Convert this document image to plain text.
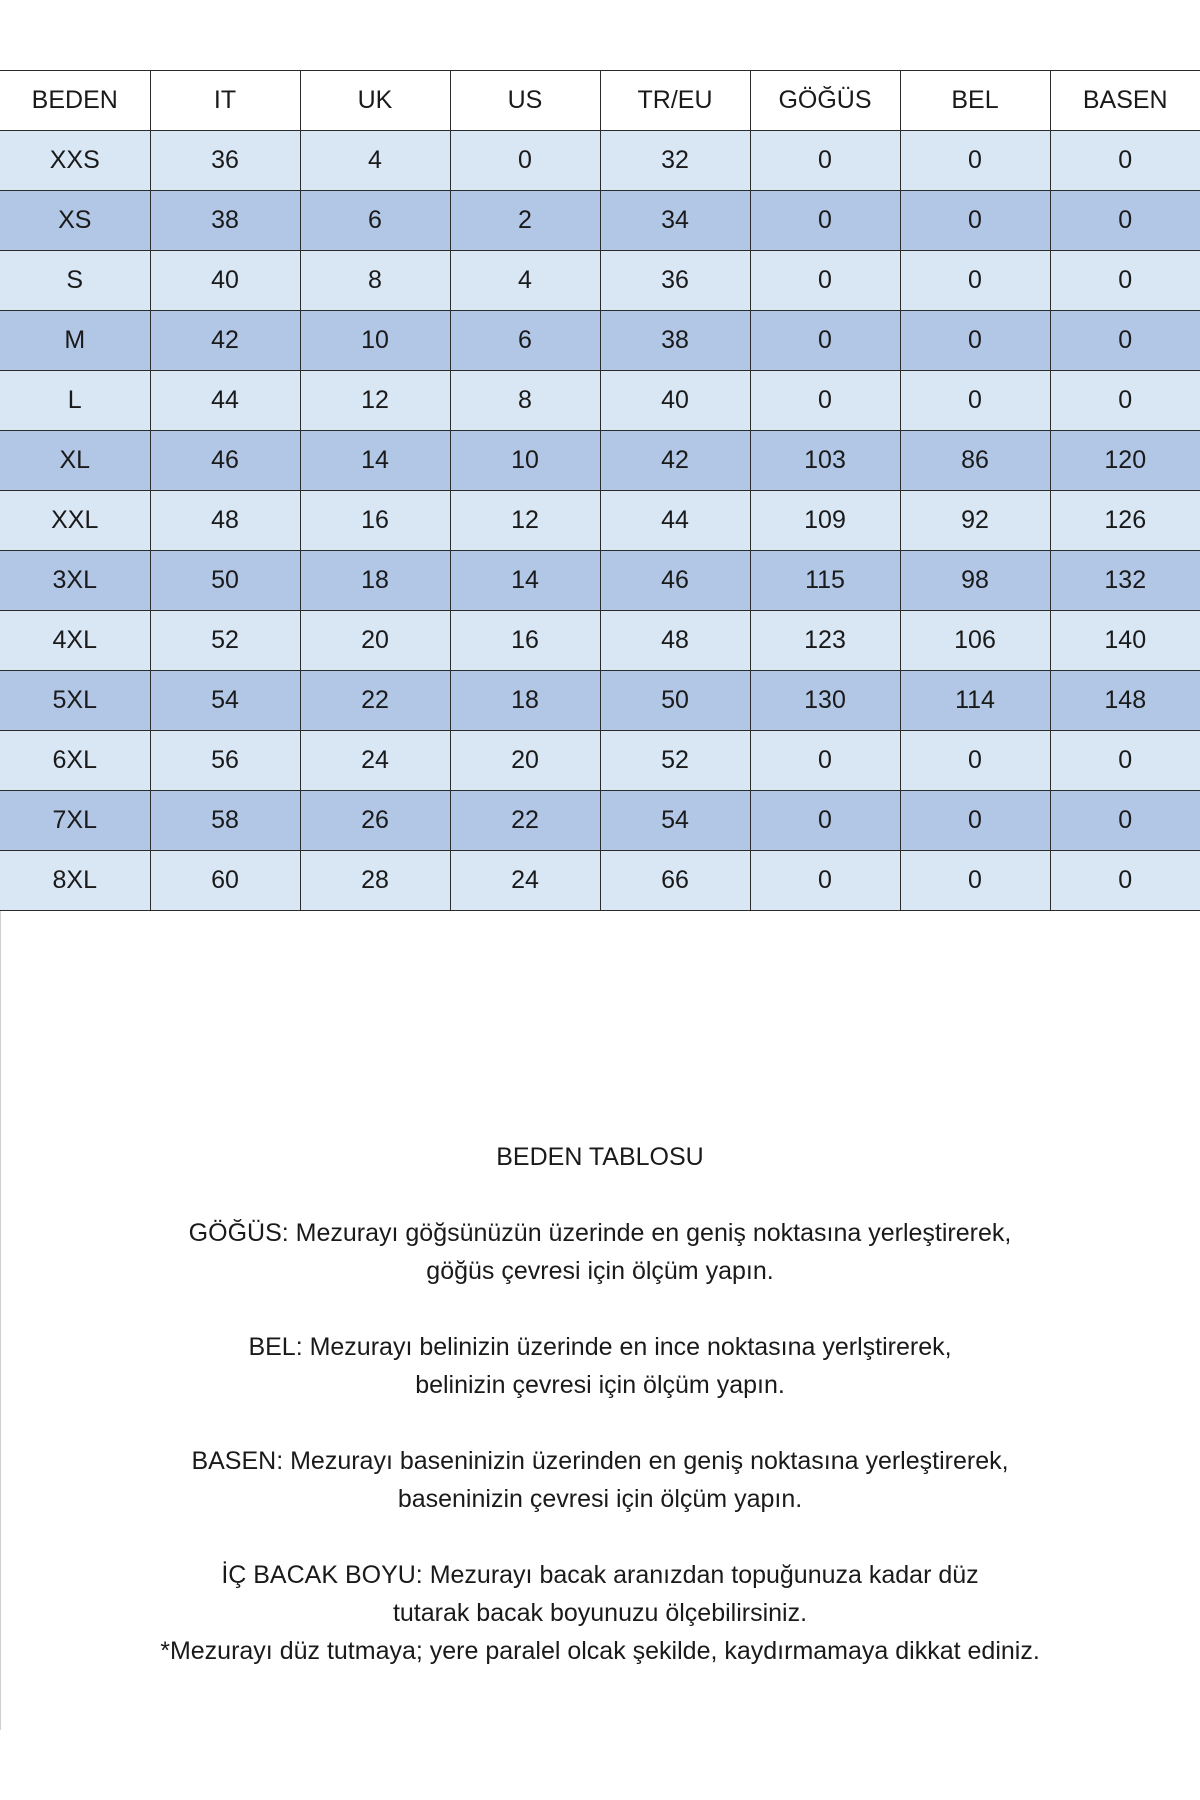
BEDEN	IT	UK	US	TR/EU	GÖĞÜS	BEL	BASEN
XXS	36	4	0	32	0	0	0
XS	38	6	2	34	0	0	0
S	40	8	4	36	0	0	0
M	42	10	6	38	0	0	0
L	44	12	8	40	0	0	0
XL	46	14	10	42	103	86	120
XXL	48	16	12	44	109	92	126
3XL	50	18	14	46	115	98	132
4XL	52	20	16	48	123	106	140
5XL	54	22	18	50	130	114	148
6XL	56	24	20	52	0	0	0
7XL	58	26	22	54	0	0	0
8XL	60	28	24	66	0	0	0
BEDEN TABLOSU
GÖĞÜS: Mezurayı göğsünüzün üzerinde en geniş noktasına yerleştirerek,
göğüs çevresi için ölçüm yapın.
BEL: Mezurayı belinizin üzerinde en ince noktasına yerlştirerek,
belinizin çevresi için ölçüm yapın.
BASEN: Mezurayı baseninizin üzerinden en geniş noktasına yerleştirerek,
baseninizin çevresi için ölçüm yapın.
İÇ BACAK BOYU: Mezurayı bacak aranızdan topuğunuza kadar düz
tutarak bacak boyunuzu ölçebilirsiniz.
*Mezurayı düz tutmaya; yere paralel olcak şekilde, kaydırmamaya dikkat ediniz.
